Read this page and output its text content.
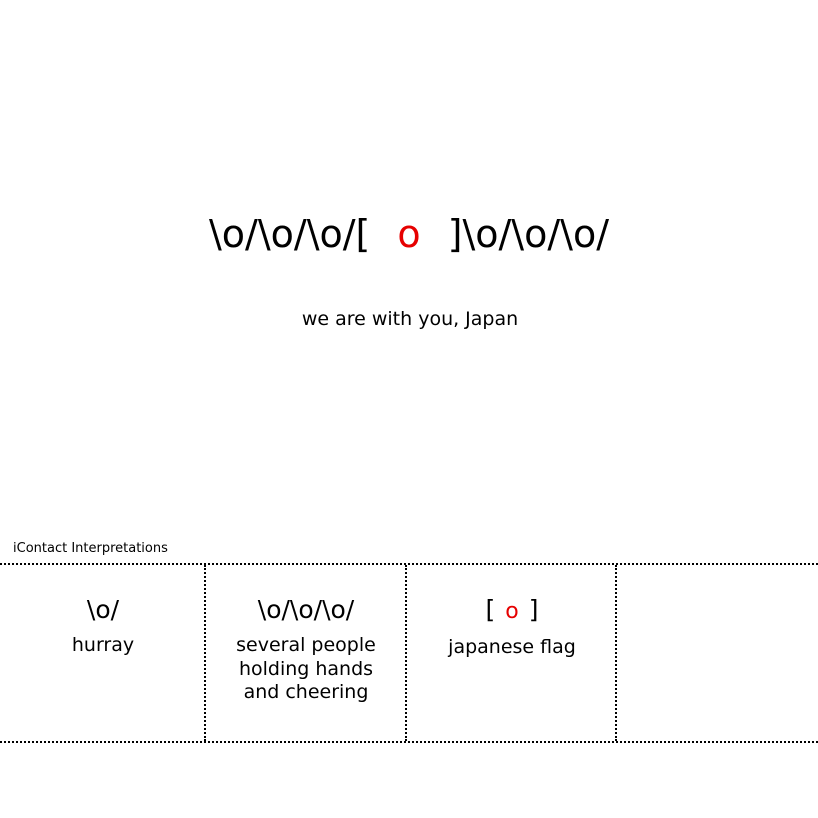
\o/\o/\o/[ o ]\o/\o/\o/
we are with you, Japan
iContact Interpretations
\o/
hurray
\o/\o/\o/
several people holding hands and cheering
[ o ]
japanese flag
